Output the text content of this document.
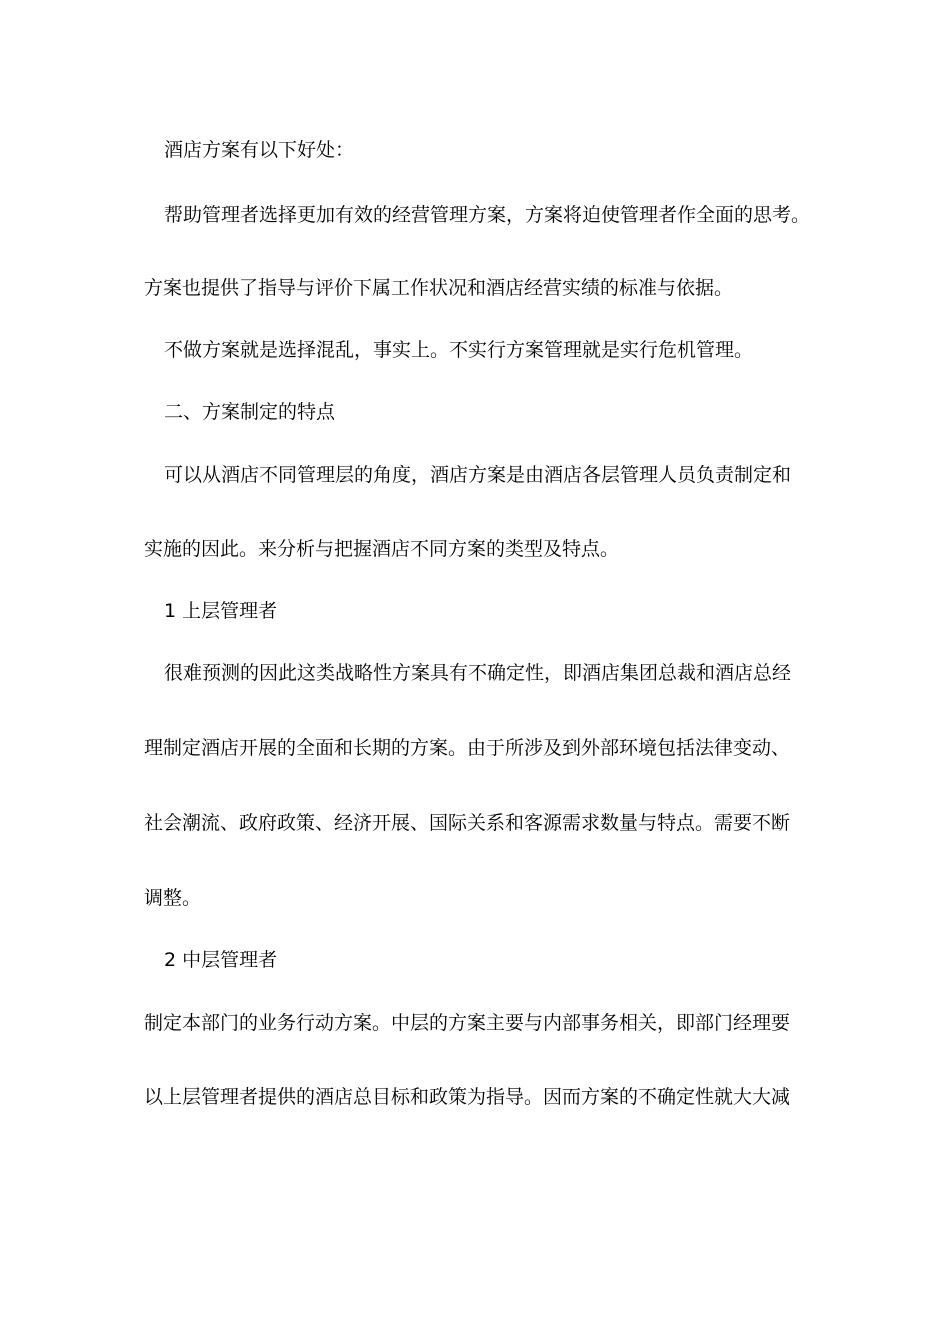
酒店方案有以下好处：
帮助管理者选择更加有效的经营管理方案，方案将迫使管理者作全面的思考。
方案也提供了指导与评价下属工作状况和酒店经营实绩的标准与依据。
不做方案就是选择混乱，事实上。不实行方案管理就是实行危机管理。
二、方案制定的特点
可以从酒店不同管理层的角度，酒店方案是由酒店各层管理人员负责制定和
实施的因此。来分析与把握酒店不同方案的类型及特点。
1 上层管理者
很难预测的因此这类战略性方案具有不确定性，即酒店集团总裁和酒店总经
理制定酒店开展的全面和长期的方案。由于所涉及到外部环境包括法律变动、
社会潮流、政府政策、经济开展、国际关系和客源需求数量与特点。需要不断
调整。
2 中层管理者
制定本部门的业务行动方案。中层的方案主要与内部事务相关，即部门经理要
以上层管理者提供的酒店总目标和政策为指导。因而方案的不确定性就大大减
